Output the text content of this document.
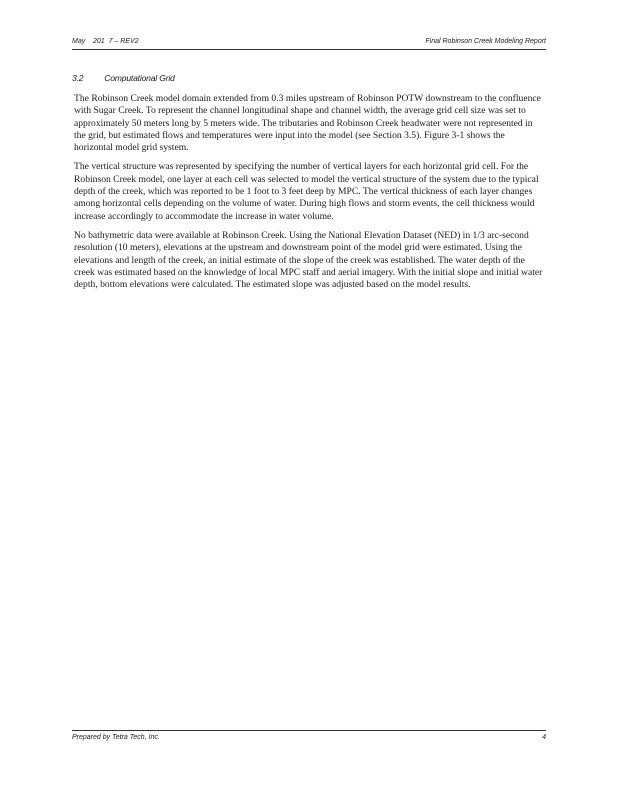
May    201  7 – REV2	Final Robinson Creek Modeling Report
3.2 Computational Grid

The Robinson Creek model domain extended from 0.3 miles upstream of Robinson POTW downstream to the confluence with Sugar Creek. To represent the channel longitudinal shape and channel width, the average grid cell size was set to approximately 50 meters long by 5 meters wide. The tributaries and Robinson Creek headwater were not represented in the grid, but estimated flows and temperatures were input into the model (see Section 3.5). Figure 3-1 shows the horizontal model grid system.

The vertical structure was represented by specifying the number of vertical layers for each horizontal grid cell. For the Robinson Creek model, one layer at each cell was selected to model the vertical structure of the system due to the typical depth of the creek, which was reported to be 1 foot to 3 feet deep by MPC. The vertical thickness of each layer changes among horizontal cells depending on the volume of water. During high flows and storm events, the cell thickness would increase accordingly to accommodate the increase in water volume.

No bathymetric data were available at Robinson Creek. Using the National Elevation Dataset (NED) in 1/3 arc-second resolution (10 meters), elevations at the upstream and downstream point of the model grid were estimated. Using the elevations and length of the creek, an initial estimate of the slope of the creek was established. The water depth of the creek was estimated based on the knowledge of local MPC staff and aerial imagery. With the initial slope and initial water depth, bottom elevations were calculated. The estimated slope was adjusted based on the model results.

Prepared by Tetra Tech, Inc.	4
